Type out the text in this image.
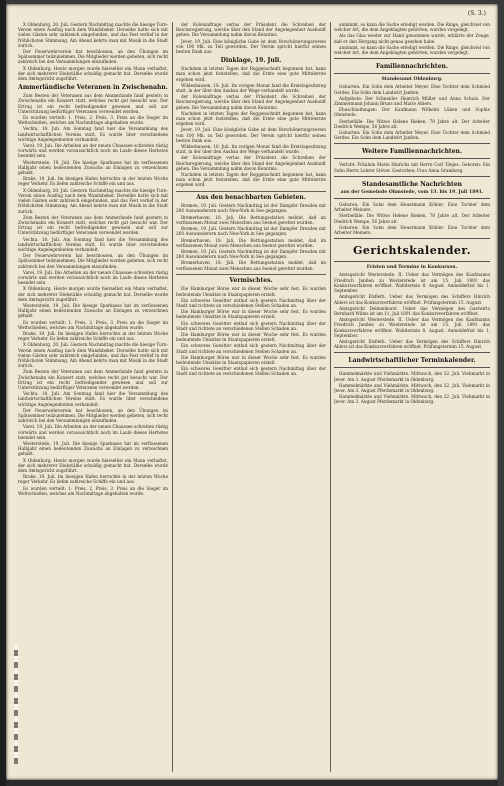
(S. 3.)

X Oldenburg, 20. Juli. Gestern Nachmittag machte die hiesige Turn-Verein einen Ausflug nach dem Wandsbeker. Derselbe hatte sich mit vielen Gästen sehr zahlreich eingefunden, und das Fest verlief in der fröhlichsten Stimmung. Am Abend kehrte man mit Musik in die Stadt zurück.

Der Feuerwehrverein hat beschlossen, an den Übungen im Spätsommer teilzunehmen. Die Mitglieder werden gebeten, sich recht zahlreich bei den Versammlungen einzufinden.

X Oldenburg. Heute morgen wurde hierselbst ein Mann verhaftet, der sich mehrerer Diebstähle schuldig gemacht hat. Derselbe wurde dem Amtsgericht zugeführt.

Ammerländische Veteranen in Zwischenahn.

Zum Besten der Veteranen aus dem Ammerlande fand gestern in Zwischenahn ein Konzert statt, welches recht gut besucht war. Der Ertrag ist ein recht befriedigender gewesen und soll zur Unterstützung bedürftiger Veteranen verwendet werden.

Es wurden verteilt: 1. Preis, 2. Preis, 3. Preis an die Sieger im Wettschießen, welches am Nachmittage abgehalten wurde.

Vechta, 18. Juli. Am Sonntag fand hier die Versammlung des landwirtschaftlichen Vereins statt. Es wurde über verschiedene wichtige Angelegenheiten verhandelt.

Varel, 19. Juli. Die Arbeiten an der neuen Chaussee schreiten rüstig vorwärts und werden voraussichtlich noch im Laufe dieses Herbstes beendet sein.

Westerstede, 19. Juli. Die hiesige Sparkasse hat im verflossenen Halbjahr einen bedeutenden Zuwachs an Einlagen zu verzeichnen gehabt.

Brake, 19. Juli. Im hiesigen Hafen herrschte in der letzten Woche reger Verkehr. Es liefen zahlreiche Schiffe ein und aus.

X Oldenburg, 20. Juli. Gestern Nachmittag machte die hiesige Turn-Verein einen Ausflug nach dem Wandsbeker. Derselbe hatte sich mit vielen Gästen sehr zahlreich eingefunden, und das Fest verlief in der fröhlichsten Stimmung. Am Abend kehrte man mit Musik in die Stadt zurück.

Zum Besten der Veteranen aus dem Ammerlande fand gestern in Zwischenahn ein Konzert statt, welches recht gut besucht war. Der Ertrag ist ein recht befriedigender gewesen und soll zur Unterstützung bedürftiger Veteranen verwendet werden.

Vechta, 18. Juli. Am Sonntag fand hier die Versammlung des landwirtschaftlichen Vereins statt. Es wurde über verschiedene wichtige Angelegenheiten verhandelt.

Der Feuerwehrverein hat beschlossen, an den Übungen im Spätsommer teilzunehmen. Die Mitglieder werden gebeten, sich recht zahlreich bei den Versammlungen einzufinden.

Varel, 19. Juli. Die Arbeiten an der neuen Chaussee schreiten rüstig vorwärts und werden voraussichtlich noch im Laufe dieses Herbstes beendet sein.

X Oldenburg. Heute morgen wurde hierselbst ein Mann verhaftet, der sich mehrerer Diebstähle schuldig gemacht hat. Derselbe wurde dem Amtsgericht zugeführt.

Westerstede, 19. Juli. Die hiesige Sparkasse hat im verflossenen Halbjahr einen bedeutenden Zuwachs an Einlagen zu verzeichnen gehabt.

Es wurden verteilt: 1. Preis, 2. Preis, 3. Preis an die Sieger im Wettschießen, welches am Nachmittage abgehalten wurde.

Brake, 19. Juli. Im hiesigen Hafen herrschte in der letzten Woche reger Verkehr. Es liefen zahlreiche Schiffe ein und aus.

X Oldenburg, 20. Juli. Gestern Nachmittag machte die hiesige Turn-Verein einen Ausflug nach dem Wandsbeker. Derselbe hatte sich mit vielen Gästen sehr zahlreich eingefunden, und das Fest verlief in der fröhlichsten Stimmung. Am Abend kehrte man mit Musik in die Stadt zurück.

Zum Besten der Veteranen aus dem Ammerlande fand gestern in Zwischenahn ein Konzert statt, welches recht gut besucht war. Der Ertrag ist ein recht befriedigender gewesen und soll zur Unterstützung bedürftiger Veteranen verwendet werden.

Vechta, 18. Juli. Am Sonntag fand hier die Versammlung des landwirtschaftlichen Vereins statt. Es wurde über verschiedene wichtige Angelegenheiten verhandelt.

Der Feuerwehrverein hat beschlossen, an den Übungen im Spätsommer teilzunehmen. Die Mitglieder werden gebeten, sich recht zahlreich bei den Versammlungen einzufinden.

Varel, 19. Juli. Die Arbeiten an der neuen Chaussee schreiten rüstig vorwärts und werden voraussichtlich noch im Laufe dieses Herbstes beendet sein.

Westerstede, 19. Juli. Die hiesige Sparkasse hat im verflossenen Halbjahr einen bedeutenden Zuwachs an Einlagen zu verzeichnen gehabt.

X Oldenburg. Heute morgen wurde hierselbst ein Mann verhaftet, der sich mehrerer Diebstähle schuldig gemacht hat. Derselbe wurde dem Amtsgericht zugeführt.

Brake, 19. Juli. Im hiesigen Hafen herrschte in der letzten Woche reger Verkehr. Es liefen zahlreiche Schiffe ein und aus.

Es wurden verteilt: 1. Preis, 2. Preis, 3. Preis an die Sieger im Wettschießen, welches am Nachmittage abgehalten wurde.

der Kolonialfrage verlas der Präsident die Schreiben der Reichsregierung, welche über den Stand der Angelegenheit Auskunft geben. Die Versammlung nahm davon Kenntnis.

Jever, 19. Juli. Eine königliche Gabe ist dem Verschönerungsverein von 100 Mk. zu Teil geworden. Der Verein spricht hierfür seinen besten Dank aus.

Dinklage, 19. Juli.

Nachdem in letzten Tagen der Roggenschnitt begonnen hat, kann man schon jetzt feststellen, daß die Ernte eine gute Mittelernte ergeben wird.

Wildeshausen, 18. Juli. Im vorigen Monat fand die Kreistagssitzung statt, in der über den Ausbau der Wege verhandelt wurde.

der Kolonialfrage verlas der Präsident die Schreiben der Reichsregierung, welche über den Stand der Angelegenheit Auskunft geben. Die Versammlung nahm davon Kenntnis.

Nachdem in letzten Tagen der Roggenschnitt begonnen hat, kann man schon jetzt feststellen, daß die Ernte eine gute Mittelernte ergeben wird.

Jever, 19. Juli. Eine königliche Gabe ist dem Verschönerungsverein von 100 Mk. zu Teil geworden. Der Verein spricht hierfür seinen besten Dank aus.

Wildeshausen, 18. Juli. Im vorigen Monat fand die Kreistagssitzung statt, in der über den Ausbau der Wege verhandelt wurde.

der Kolonialfrage verlas der Präsident die Schreiben der Reichsregierung, welche über den Stand der Angelegenheit Auskunft geben. Die Versammlung nahm davon Kenntnis.

Nachdem in letzten Tagen der Roggenschnitt begonnen hat, kann man schon jetzt feststellen, daß die Ernte eine gute Mittelernte ergeben wird.

Aus den benachbarten Gebieten.

Bremen, 19. Juli. Gestern Nachmittag ist der Dampfer Dresden mit 260 Auswanderern nach New-York in See gegangen.

Bremerhaven, 18. Juli. Die Rettungsstation meldet, daß im verflossenen Monat zwei Menschen aus Seenot gerettet wurden.

Bremen, 19. Juli. Gestern Nachmittag ist der Dampfer Dresden mit 260 Auswanderern nach New-York in See gegangen.

Bremerhaven, 18. Juli. Die Rettungsstation meldet, daß im verflossenen Monat zwei Menschen aus Seenot gerettet wurden.

Bremen, 19. Juli. Gestern Nachmittag ist der Dampfer Dresden mit 260 Auswanderern nach New-York in See gegangen.

Bremerhaven, 18. Juli. Die Rettungsstation meldet, daß im verflossenen Monat zwei Menschen aus Seenot gerettet wurden.

Vermischtes.

Die Hamburger Börse war in dieser Woche sehr fest. Es wurden bedeutende Umsätze in Staatspapieren erzielt.

Ein schweres Gewitter entlud sich gestern Nachmittag über der Stadt und richtete an verschiedenen Stellen Schaden an.

Die Hamburger Börse war in dieser Woche sehr fest. Es wurden bedeutende Umsätze in Staatspapieren erzielt.

Ein schweres Gewitter entlud sich gestern Nachmittag über der Stadt und richtete an verschiedenen Stellen Schaden an.

Die Hamburger Börse war in dieser Woche sehr fest. Es wurden bedeutende Umsätze in Staatspapieren erzielt.

Ein schweres Gewitter entlud sich gestern Nachmittag über der Stadt und richtete an verschiedenen Stellen Schaden an.

Die Hamburger Börse war in dieser Woche sehr fest. Es wurden bedeutende Umsätze in Staatspapieren erzielt.

Ein schweres Gewitter entlud sich gestern Nachmittag über der Stadt und richtete an verschiedenen Stellen Schaden an.

annimmt, so kann die Sache erledigt werden. Die Ringe, gleichviel von welcher Art, die dem Angeklagten gehörten, wurden vorgelegt.

Als das Glas wieder zur Hand genommen wurde, erklärte der Zeuge, daß er den Hergang nicht genau gesehen habe.

annimmt, so kann die Sache erledigt werden. Die Ringe, gleichviel von welcher Art, die dem Angeklagten gehörten, wurden vorgelegt.

Familiennachrichten.
Standesamt Oldenburg.

Geburten: Ein Sohn dem Arbeiter Meyer. Eine Tochter dem Schmied Gerdes. Ein Sohn dem Landwirt Janßen.

Aufgebote: Der Schneider Heinrich Müller und Anna Schulz. Der Zimmermann Johann Bruns und Marie Ahlers.

Eheschließungen: Der Kaufmann Wilhelm Lüken und Sophie Ohmstede.

Sterbefälle: Die Witwe Helene Rieken, 78 Jahre alt. Der Arbeiter Diedrich Wempe, 56 Jahre alt.

Geburten: Ein Sohn dem Arbeiter Meyer. Eine Tochter dem Schmied Gerdes. Ein Sohn dem Landwirt Janßen.

Weitere Familiennachrichten.

Verlobt: Fräulein Marie Hinrichs mit Herrn Carl Tönjes. Geboren: Ein Sohn Herrn Lehrer Stöver. Gestorben: Frau Anna Gramberg.

Standesamtliche Nachrichten
aus der Gemeinde Ohmstede, vom 13. bis 19. Juli 1891.

Geboren: Ein Sohn dem Heuermann Köhler. Eine Tochter dem Arbeiter Meiners.

Sterbefälle: Die Witwe Helene Rieken, 78 Jahre alt. Der Arbeiter Diedrich Wempe, 56 Jahre alt.

Geboren: Ein Sohn dem Heuermann Köhler. Eine Tochter dem Arbeiter Meiners.

Gerichtskalender.
Fristen und Termine in Konkursen.

Amtsgericht Westerstede. II. Ueber das Vermögen des Kaufmanns Friedrich Janßen zu Westerstede ist am 15. Juli 1891 das Konkursverfahren eröffnet. Wahltermin 8. August. Anmeldefrist bis 1. September.

Amtsgericht Elsfleth. Ueber das Vermögen des Schiffers Hinrich Ahlers ist das Konkursverfahren eröffnet. Prüfungstermin 15. August.

Amtsgericht Delmenhorst. Ueber das Vermögen des Gastwirts Bernhard Wilms ist am 11. Juli 1891 das Konkursverfahren eröffnet.

Amtsgericht Westerstede. II. Ueber das Vermögen des Kaufmanns Friedrich Janßen zu Westerstede ist am 15. Juli 1891 das Konkursverfahren eröffnet. Wahltermin 8. August. Anmeldefrist bis 1. September.

Amtsgericht Elsfleth. Ueber das Vermögen des Schiffers Hinrich Ahlers ist das Konkursverfahren eröffnet. Prüfungstermin 15. August.

Landwirtschaftlicher Terminkalender.

Hammelmärkte und Viehmärkte. Mittwoch, den 22. Juli. Viehmarkt in Jever. Am 3. August Pferdemarkt in Oldenburg.

Hammelmärkte und Viehmärkte. Mittwoch, den 22. Juli. Viehmarkt in Jever. Am 3. August Pferdemarkt in Oldenburg.

Hammelmärkte und Viehmärkte. Mittwoch, den 22. Juli. Viehmarkt in Jever. Am 3. August Pferdemarkt in Oldenburg.
